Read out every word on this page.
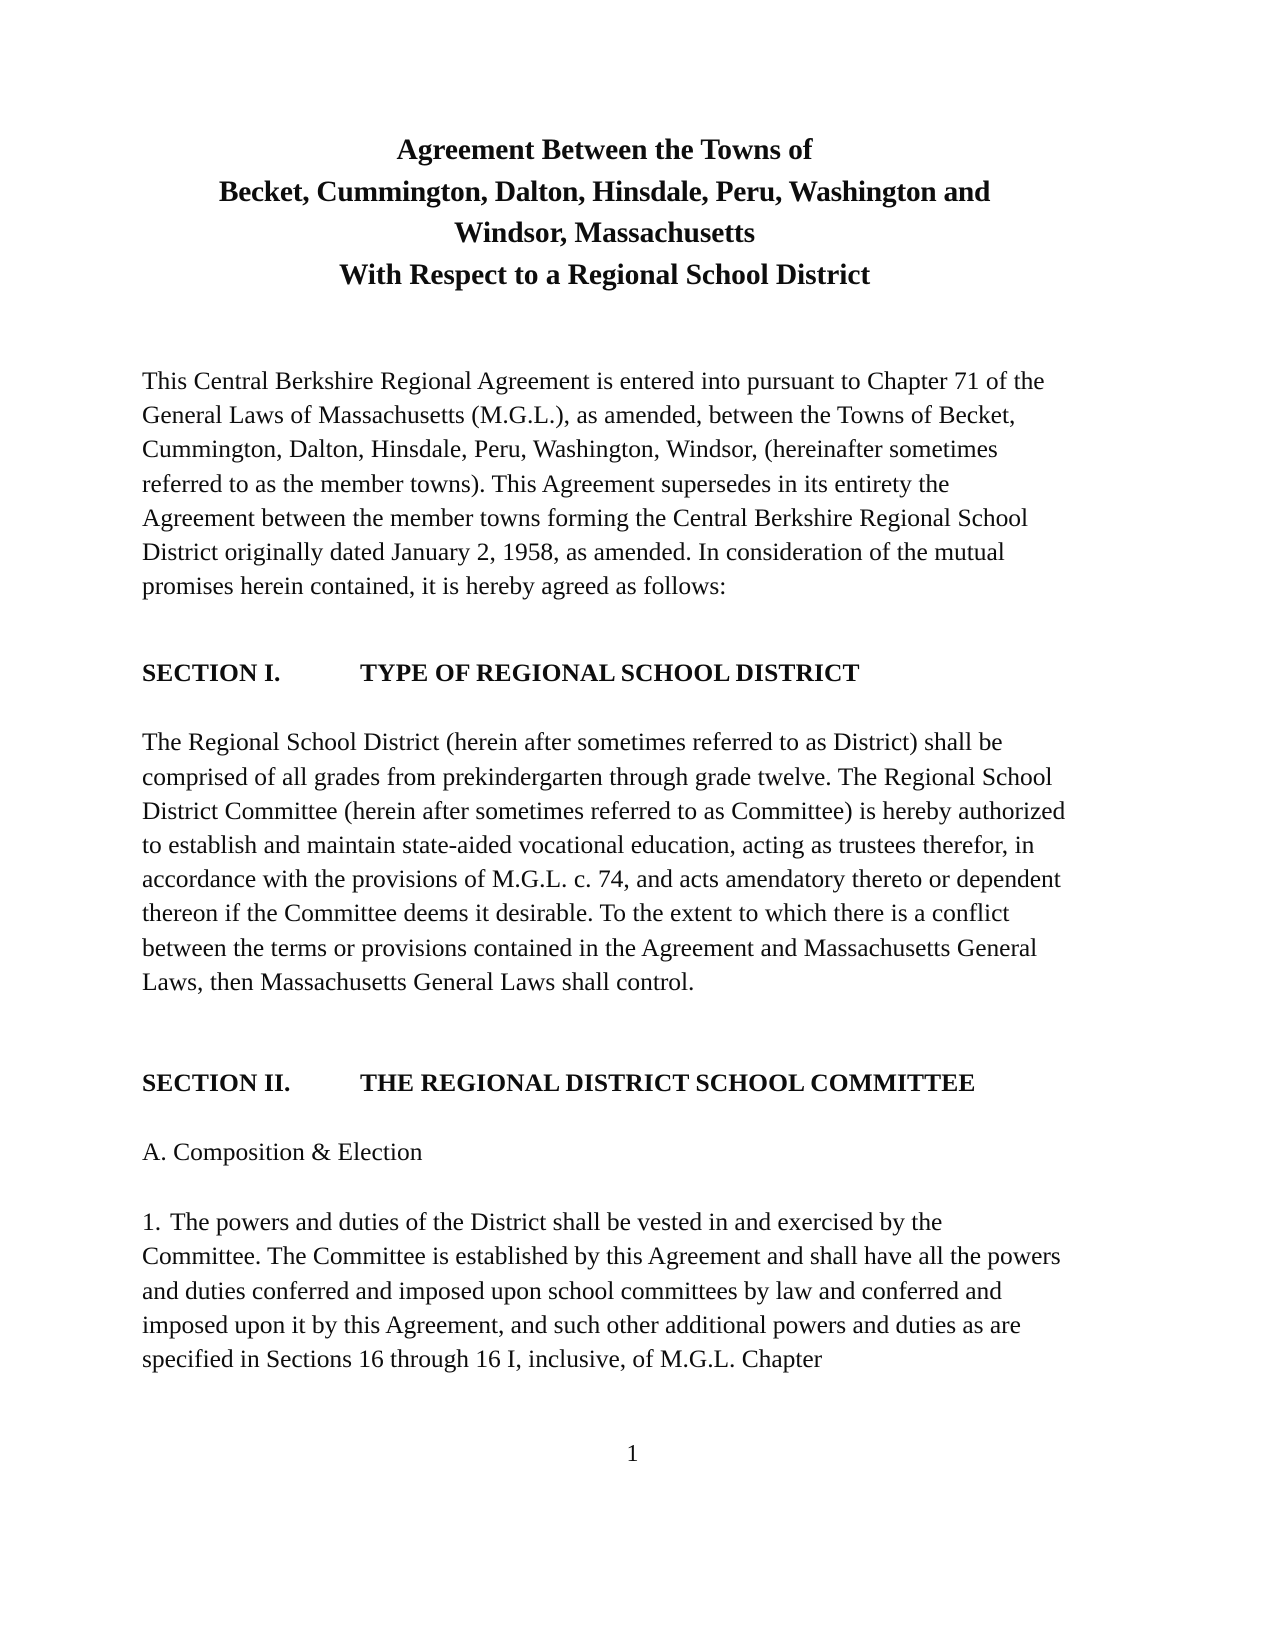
Agreement Between the Towns of
Becket, Cummington, Dalton, Hinsdale, Peru, Washington and
Windsor, Massachusetts
With Respect to a Regional School District

This Central Berkshire Regional Agreement is entered into pursuant to Chapter 71 of the General Laws of Massachusetts (M.G.L.), as amended, between the Towns of Becket, Cummington, Dalton, Hinsdale, Peru, Washington, Windsor, (hereinafter sometimes referred to as the member towns). This Agreement supersedes in its entirety the Agreement between the member towns forming the Central Berkshire Regional School District originally dated January 2, 1958, as amended. In consideration of the mutual promises herein contained, it is hereby agreed as follows:

SECTION I.	TYPE OF REGIONAL SCHOOL DISTRICT

The Regional School District (herein after sometimes referred to as District) shall be comprised of all grades from prekindergarten through grade twelve. The Regional School District Committee (herein after sometimes referred to as Committee) is hereby authorized to establish and maintain state-aided vocational education, acting as trustees therefor, in accordance with the provisions of M.G.L. c. 74, and acts amendatory thereto or dependent thereon if the Committee deems it desirable. To the extent to which there is a conflict between the terms or provisions contained in the Agreement and Massachusetts General Laws, then Massachusetts General Laws shall control.

SECTION II.	THE REGIONAL DISTRICT SCHOOL COMMITTEE

A. Composition & Election

1. The powers and duties of the District shall be vested in and exercised by the Committee. The Committee is established by this Agreement and shall have all the powers and duties conferred and imposed upon school committees by law and conferred and imposed upon it by this Agreement, and such other additional powers and duties as are specified in Sections 16 through 16 I, inclusive, of M.G.L. Chapter

1
